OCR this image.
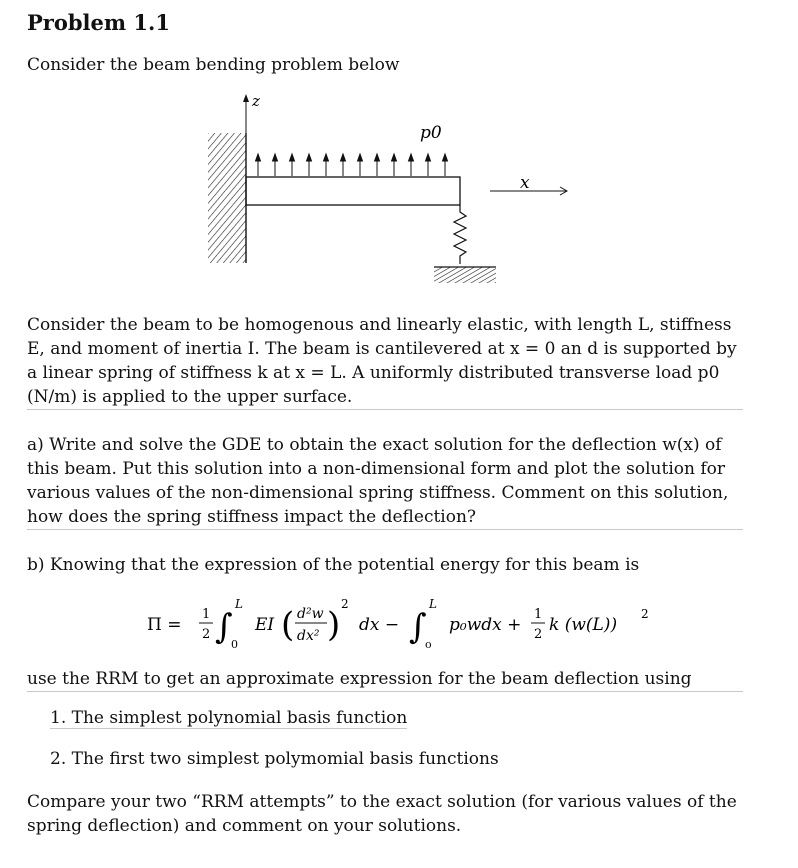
Problem 1.1
Consider the beam bending problem below
z
p0
x
Consider the beam to be homogenous and linearly elastic, with length L, stiffness E, and moment of inertia I. The beam is cantilevered at x = 0 an d is supported by a linear spring of stiffness k at x = L. A uniformly distributed transverse load p0 (N/m) is applied to the upper surface.
a) Write and solve the GDE to obtain the exact solution for the deflection w(x) of this beam. Put this solution into a non-dimensional form and plot the solution for various values of the non-dimensional spring stiffness. Comment on this solution, how does the spring stiffness impact the deflection?
b) Knowing that the expression of the potential energy for this beam is
Π =
1
2 ∫
L
0
EI ( d²w
dx² )
2
dx − ∫
L
o
p₀wdx +
1
2 k (w(L))
2
use the RRM to get an approximate expression for the beam deflection using
1. The simplest polynomial basis function
2. The first two simplest polymomial basis functions
Compare your two “RRM attempts” to the exact solution (for various values of the spring deflection) and comment on your solutions.
